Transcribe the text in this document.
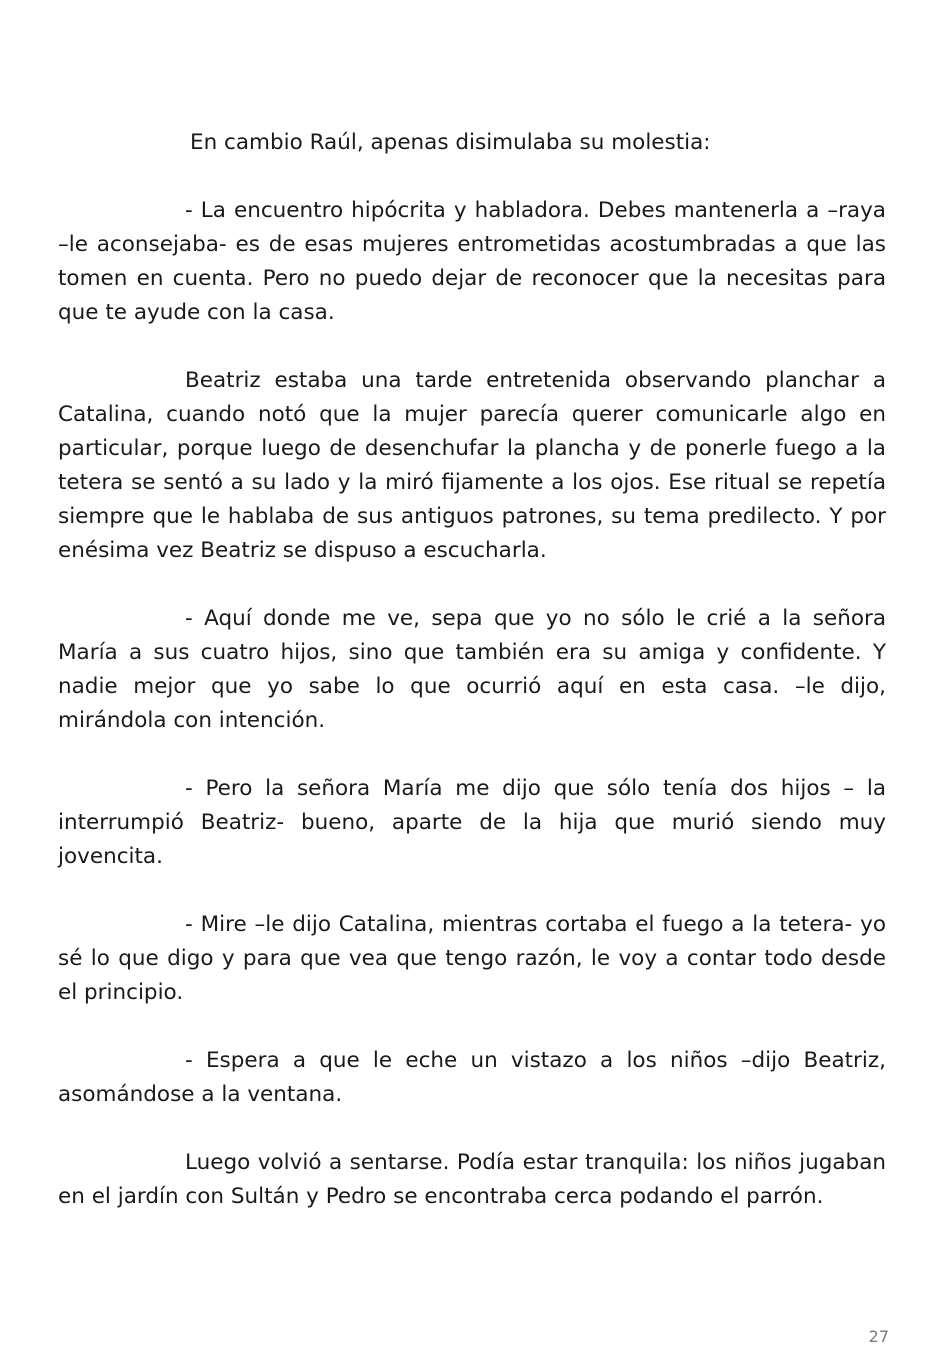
En cambio Raúl, apenas disimulaba su molestia:

- La encuentro hipócrita y habladora. Debes mantenerla a –raya –le aconsejaba- es de esas mujeres entrometidas acostumbradas a que las tomen en cuenta. Pero no puedo dejar de reconocer que la necesitas para que te ayude con la casa.

Beatriz estaba una tarde entretenida observando planchar a Catalina, cuando notó que la mujer parecía querer comunicarle algo en particular, porque luego de desenchufar la plancha y de ponerle fuego a la tetera se sentó a su lado y la miró fijamente a los ojos. Ese ritual se repetía siempre que le hablaba de sus antiguos patrones, su tema predilecto. Y por enésima vez Beatriz se dispuso a escucharla.

- Aquí donde me ve, sepa que yo no sólo le crié a la señora María a sus cuatro hijos, sino que también era su amiga y confidente. Y nadie mejor que yo sabe lo que ocurrió aquí en esta casa. –le dijo, mirándola con intención.

- Pero la señora María me dijo que sólo tenía dos hijos – la interrumpió Beatriz- bueno, aparte de la hija que murió siendo muy jovencita.

- Mire –le dijo Catalina, mientras cortaba el fuego a la tetera- yo sé lo que digo y para que vea que tengo razón, le voy a contar todo desde el principio.

- Espera a que le eche un vistazo a los niños –dijo Beatriz, asomándose a la ventana.

Luego volvió a sentarse. Podía estar tranquila: los niños jugaban en el jardín con Sultán y Pedro se encontraba cerca podando el parrón.

27
